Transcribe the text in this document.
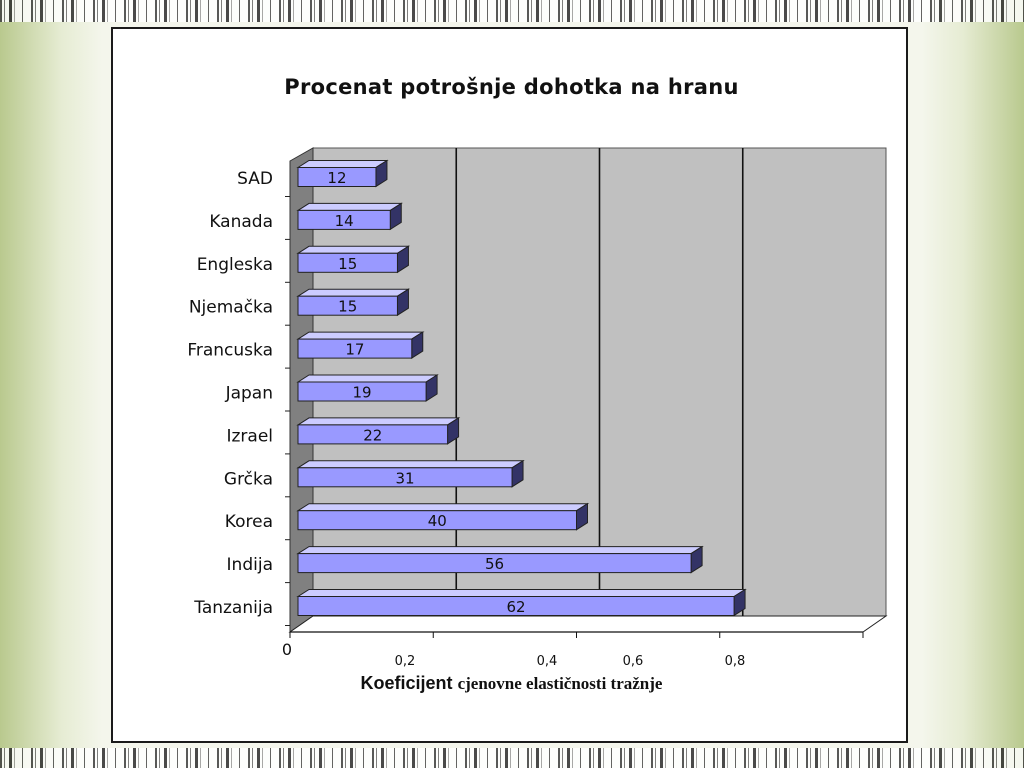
Procenat potrošnje dohotka na hranu
12
14
15
15
17
19
22
31
40
56
62
SAD
Kanada
Engleska
Njemačka
Francuska
Japan
Izrael
Grčka
Korea
Indija
Tanzanija
0
0,2	0,4	0,6	0,8
Koeficijent cjenovne elastičnosti tražnje
